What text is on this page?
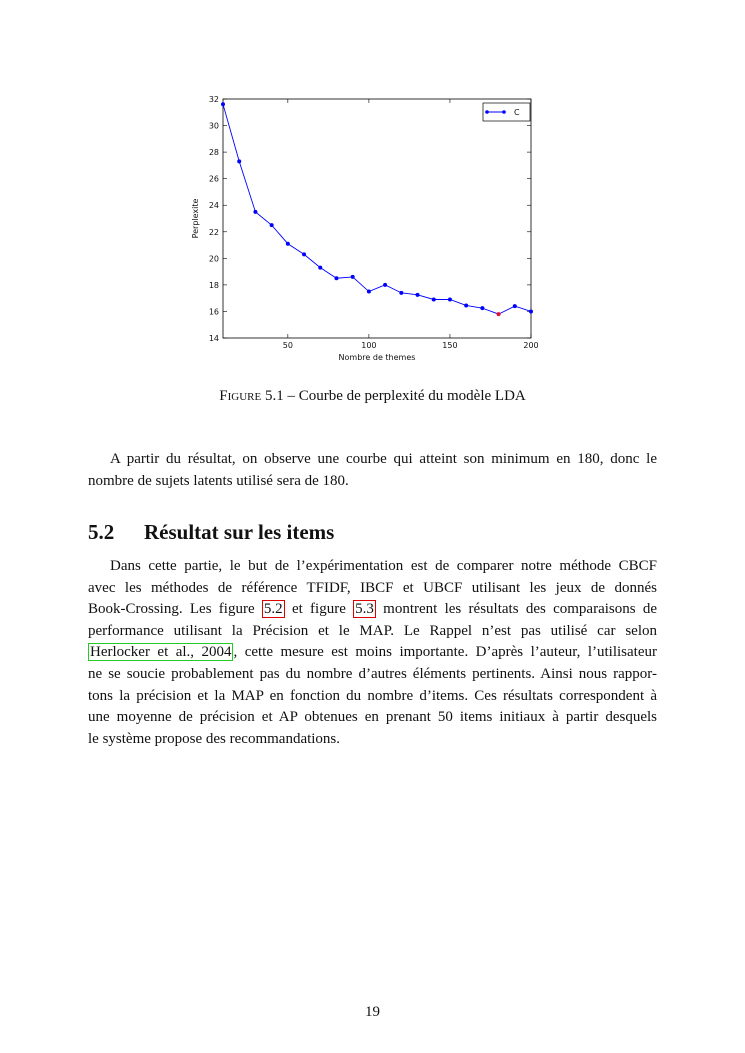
14
16
18
20
22
24
26
28
30
32
50	100	150	200
Nombre de themes
Perplexite
C
Figure 5.1 – Courbe de perplexité du modèle LDA
A partir du résultat, on observe une courbe qui atteint son minimum en 180, donc le
nombre de sujets latents utilisé sera de 180.
5.2 Résultat sur les items
Dans cette partie, le but de l’expérimentation est de comparer notre méthode CBCF
avec les méthodes de référence TFIDF, IBCF et UBCF utilisant les jeux de donnés
Book-Crossing. Les figure 5.2 et figure 5.3 montrent les résultats des comparaisons de
performance utilisant la Précision et le MAP. Le Rappel n’est pas utilisé car selon
Herlocker et al., 2004 , cette mesure est moins importante. D’après l’auteur, l’utilisateur
ne se soucie probablement pas du nombre d’autres éléments pertinents. Ainsi nous rappor-
tons la précision et la MAP en fonction du nombre d’items. Ces résultats correspondent à
une moyenne de précision et AP obtenues en prenant 50 items initiaux à partir desquels
le système propose des recommandations.
19
